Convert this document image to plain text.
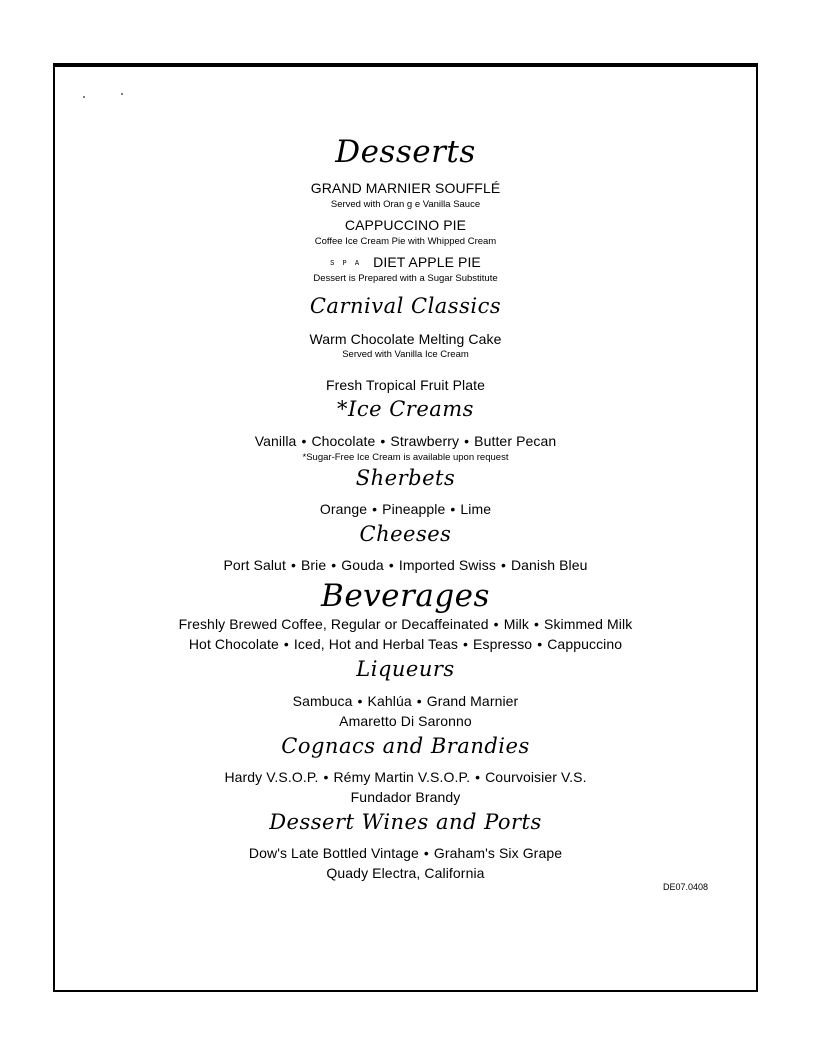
Desserts
GRAND MARNIER SOUFFLÉ
Served with Oran g e Vanilla Sauce
CAPPUCCINO PIE
Coffee Ice Cream Pie with Whipped Cream
S P A DIET APPLE PIE
Dessert is Prepared with a Sugar Substitute
Carnival Classics
Warm Chocolate Melting Cake
Served with Vanilla Ice Cream
Fresh Tropical Fruit Plate
*Ice Creams
Vanilla • Chocolate • Strawberry • Butter Pecan
*Sugar-Free Ice Cream is available upon request
Sherbets
Orange • Pineapple • Lime
Cheeses
Port Salut • Brie • Gouda • Imported Swiss • Danish Bleu
Beverages
Freshly Brewed Coffee, Regular or Decaffeinated • Milk • Skimmed Milk
Hot Chocolate • Iced, Hot and Herbal Teas • Espresso • Cappuccino
Liqueurs
Sambuca • Kahlúa • Grand Marnier
Amaretto Di Saronno
Cognacs and Brandies
Hardy V.S.O.P. • Rémy Martin V.S.O.P. • Courvoisier V.S.
Fundador Brandy
Dessert Wines and Ports
Dow's Late Bottled Vintage • Graham's Six Grape
Quady Electra, California
DE07.0408
